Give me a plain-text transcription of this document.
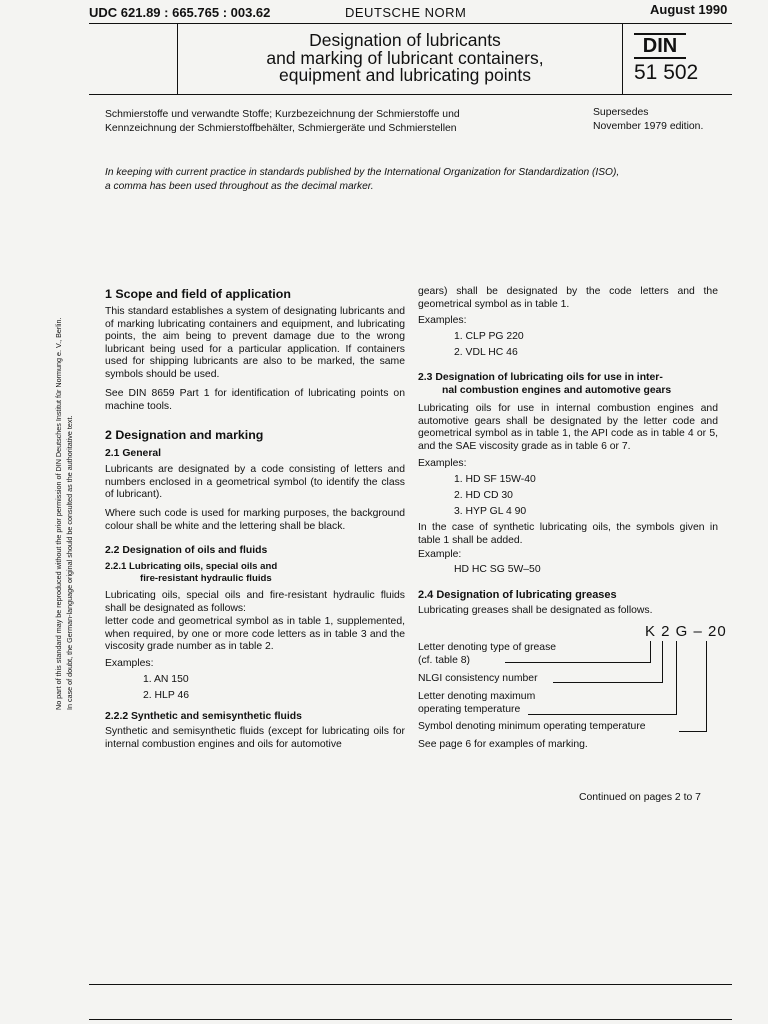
UDC 621.89 : 665.765 : 003.62	DEUTSCHE NORM	August 1990
Designation of lubricants
and marking of lubricant containers,
equipment and lubricating points
DIN
51 502
Schmierstoffe und verwandte Stoffe; Kurzbezeichnung der Schmierstoffe und
Kennzeichnung der Schmierstoffbehälter, Schmiergeräte und Schmierstellen
Supersedes
November 1979 edition.
In keeping with current practice in standards published by the International Organization for Standardization (ISO),
a comma has been used throughout as the decimal marker.
No part of this standard may be reproduced without the prior permission of DIN Deutsches Institut für Normung e. V., Berlin. In case of doubt, the German-language original should be consulted as the authoritative text.
1 Scope and field of application
This standard establishes a system of designating lubricants and of marking lubricating containers and equipment, and lubricating points, the aim being to prevent damage due to the wrong lubricant being used for a particular application. If containers used for shipping lubricants are also to be marked, the same symbols should be used.
See DIN 8659 Part 1 for identification of lubricating points on machine tools.
2 Designation and marking
2.1 General
Lubricants are designated by a code consisting of letters and numbers enclosed in a geometrical symbol (to identify the class of lubricant).
Where such code is used for marking purposes, the background colour shall be white and the lettering shall be black.
2.2 Designation of oils and fluids
2.2.1 Lubricating oils, special oils and
fire-resistant hydraulic fluids
Lubricating oils, special oils and fire-resistant hydraulic fluids shall be designated as follows:
letter code and geometrical symbol as in table 1, supplemented, when required, by one or more code letters as in table 3 and the viscosity grade number as in table 2.
Examples:
1. AN 150
2. HLP 46
2.2.2 Synthetic and semisynthetic fluids
Synthetic and semisynthetic fluids (except for lubricating oils for internal combustion engines and oils for automotive
gears) shall be designated by the code letters and the geometrical symbol as in table 1.
Examples:
1. CLP PG 220
2. VDL HC 46
2.3 Designation of lubricating oils for use in inter-
nal combustion engines and automotive gears
Lubricating oils for use in internal combustion engines and automotive gears shall be designated by the letter code and geometrical symbol as in table 1, the API code as in table 4 or 5, and the SAE viscosity grade as in table 6 or 7.
Examples:
1. HD SF 15W-40
2. HD CD 30
3. HYP GL 4 90
In the case of synthetic lubricating oils, the symbols given in table 1 shall be added.
Example:
HD HC SG 5W–50
2.4 Designation of lubricating greases
Lubricating greases shall be designated as follows.
K 2 G – 20
Letter denoting type of grease
(cf. table 8)
NLGI consistency number
Letter denoting maximum
operating temperature
Symbol denoting minimum operating temperature
See page 6 for examples of marking.
Continued on pages 2 to 7
